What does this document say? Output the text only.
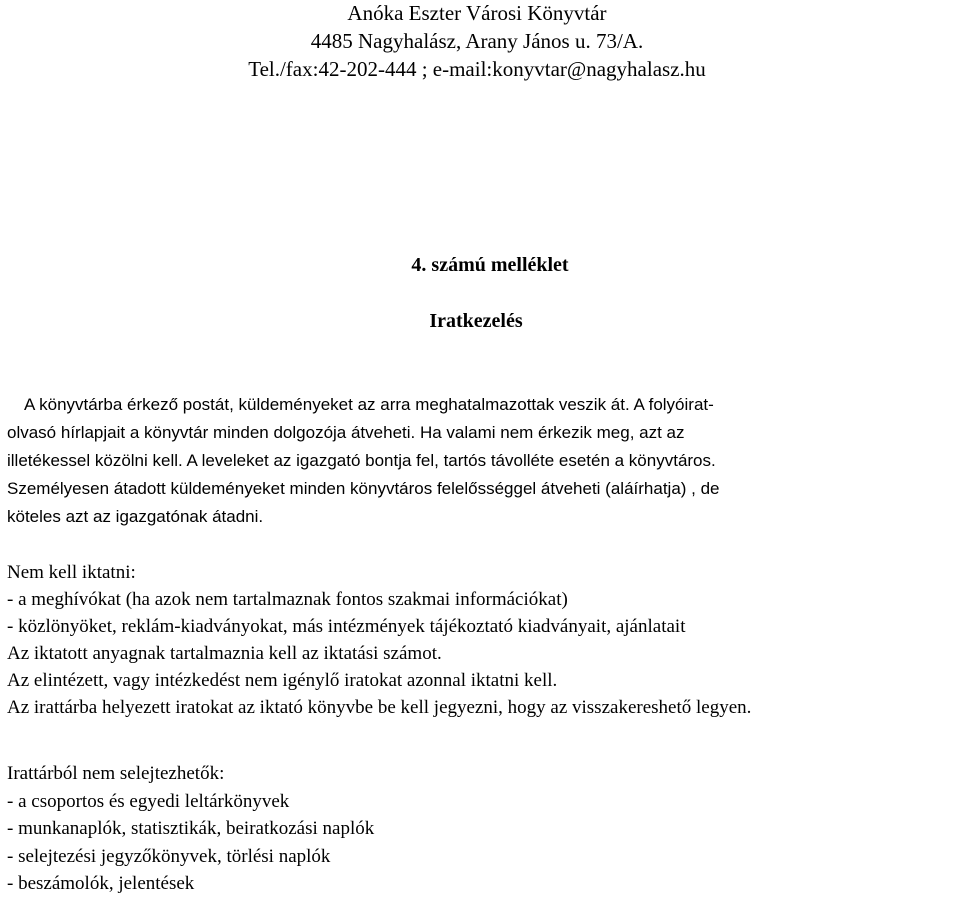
Anóka Eszter Városi Könyvtár
4485 Nagyhalász, Arany János u. 73/A.
Tel./fax:42-202-444 ; e-mail:konyvtar@nagyhalasz.hu
4. számú melléklet
Iratkezelés
A könyvtárba érkező postát, küldeményeket az arra meghatalmazottak veszik át. A folyóirat-
olvasó hírlapjait a könyvtár minden dolgozója átveheti. Ha valami nem érkezik meg, azt az
illetékessel közölni kell. A leveleket az igazgató bontja fel, tartós távolléte esetén a könyvtáros.
Személyesen átadott küldeményeket minden könyvtáros felelősséggel átveheti (aláírhatja) , de
köteles azt az igazgatónak átadni.
Nem kell iktatni:
- a meghívókat (ha azok nem tartalmaznak fontos szakmai információkat)
- közlönyöket, reklám-kiadványokat, más intézmények tájékoztató kiadványait, ajánlatait
Az iktatott anyagnak tartalmaznia kell az iktatási számot.
Az elintézett, vagy intézkedést nem igénylő iratokat azonnal iktatni kell.
Az irattárba helyezett iratokat az iktató könyvbe be kell jegyezni, hogy az visszakereshető legyen.
Irattárból nem selejtezhetők:
- a csoportos és egyedi leltárkönyvek
- munkanaplók, statisztikák, beiratkozási naplók
- selejtezési jegyzőkönyvek, törlési naplók
- beszámolók, jelentések
